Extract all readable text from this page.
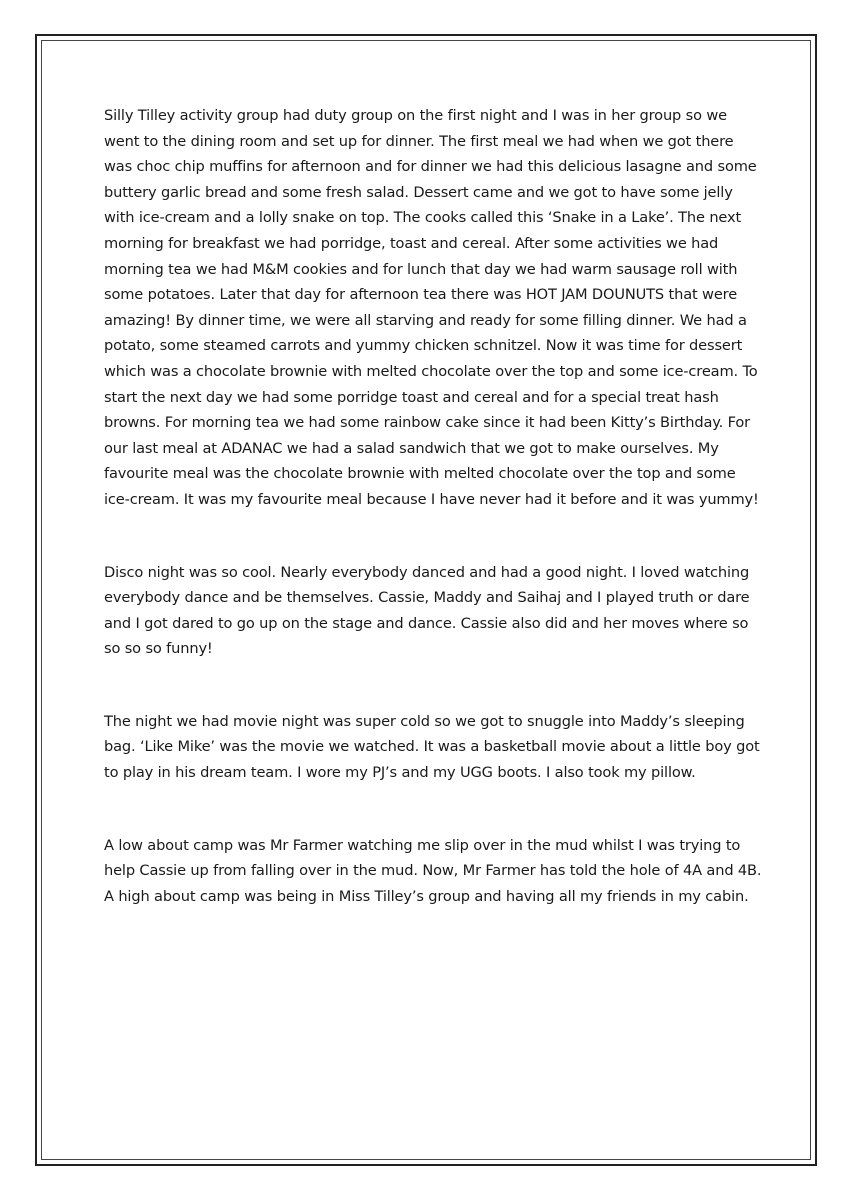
Silly Tilley activity group had duty group on the first night and I was in her group so we went to the dining room and set up for dinner. The first meal we had when we got there was choc chip muffins for afternoon and for dinner we had this delicious lasagne and some buttery garlic bread and some fresh salad. Dessert came and we got to have some jelly with ice-cream and a lolly snake on top. The cooks called this ‘Snake in a Lake’. The next morning for breakfast we had porridge, toast and cereal. After some activities we had morning tea we had M&M cookies and for lunch that day we had warm sausage roll with some potatoes. Later that day for afternoon tea there was HOT JAM DOUNUTS that were amazing! By dinner time, we were all starving and ready for some filling dinner. We had a potato, some steamed carrots and yummy chicken schnitzel. Now it was time for dessert which was a chocolate brownie with melted chocolate over the top and some ice-cream. To start the next day we had some porridge toast and cereal and for a special treat hash browns. For morning tea we had some rainbow cake since it had been Kitty’s Birthday. For our last meal at ADANAC we had a salad sandwich that we got to make ourselves. My favourite meal was the chocolate brownie with melted chocolate over the top and some ice-cream. It was my favourite meal because I have never had it before and it was yummy!

Disco night was so cool. Nearly everybody danced and had a good night. I loved watching everybody dance and be themselves. Cassie, Maddy and Saihaj and I played truth or dare and I got dared to go up on the stage and dance. Cassie also did and her moves where so so so so funny!

The night we had movie night was super cold so we got to snuggle into Maddy’s sleeping bag. ‘Like Mike’ was the movie we watched. It was a basketball movie about a little boy got to play in his dream team. I wore my PJ’s and my UGG boots. I also took my pillow.

A low about camp was Mr Farmer watching me slip over in the mud whilst I was trying to help Cassie up from falling over in the mud. Now, Mr Farmer has told the hole of 4A and 4B. A high about camp was being in Miss Tilley’s group and having all my friends in my cabin.
